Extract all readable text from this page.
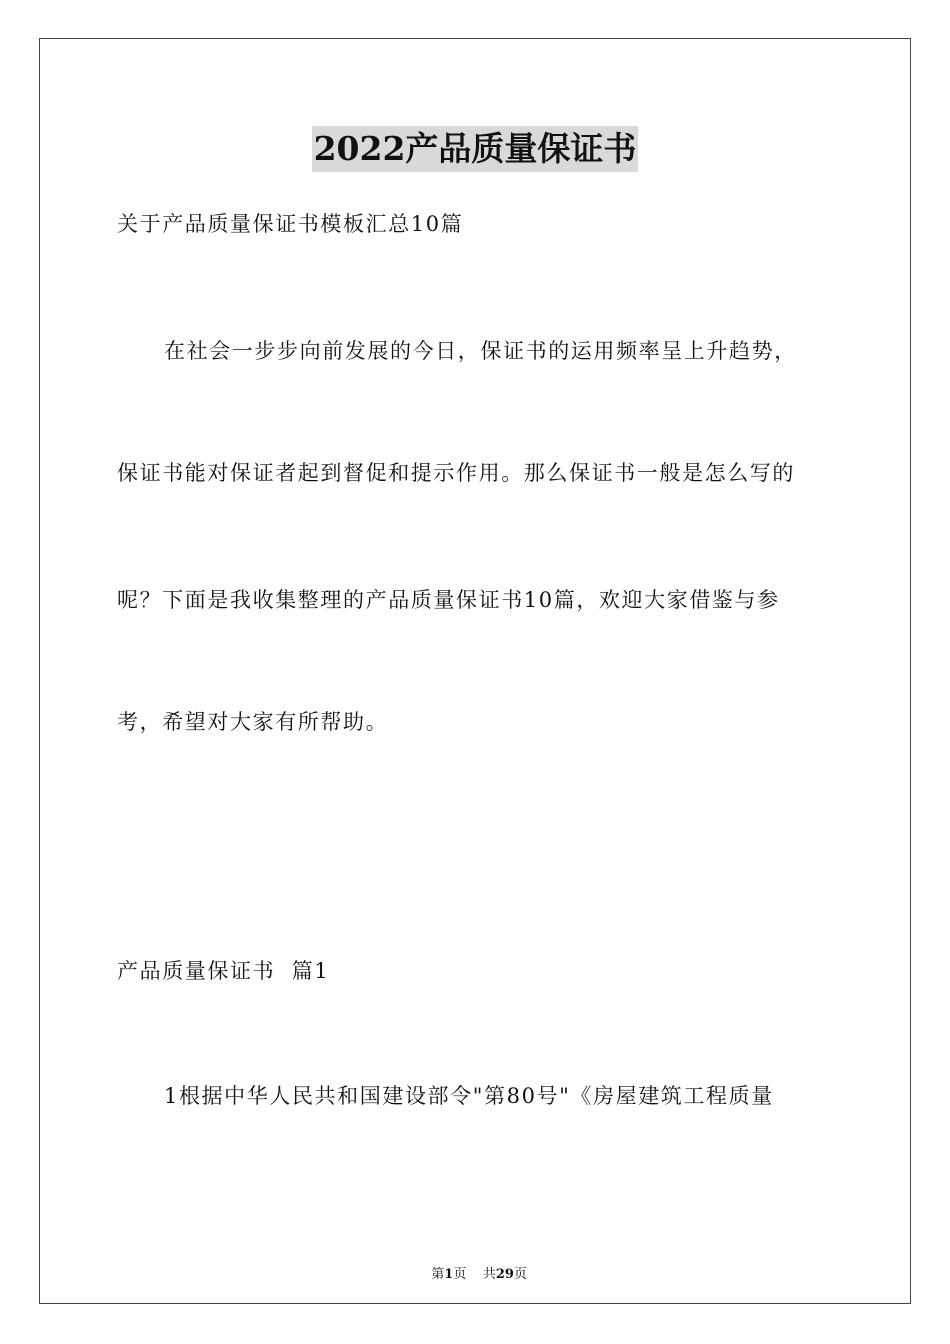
2022产品质量保证书
关于产品质量保证书模板汇总10篇
在社会一步步向前发展的今日，保证书的运用频率呈上升趋势，
保证书能对保证者起到督促和提示作用。那么保证书一般是怎么写的
呢？下面是我收集整理的产品质量保证书10篇，欢迎大家借鉴与参
考，希望对大家有所帮助。
产品质量保证书  篇1
1根据中华人民共和国建设部令"第80号"《房屋建筑工程质量

第1页    共29页
